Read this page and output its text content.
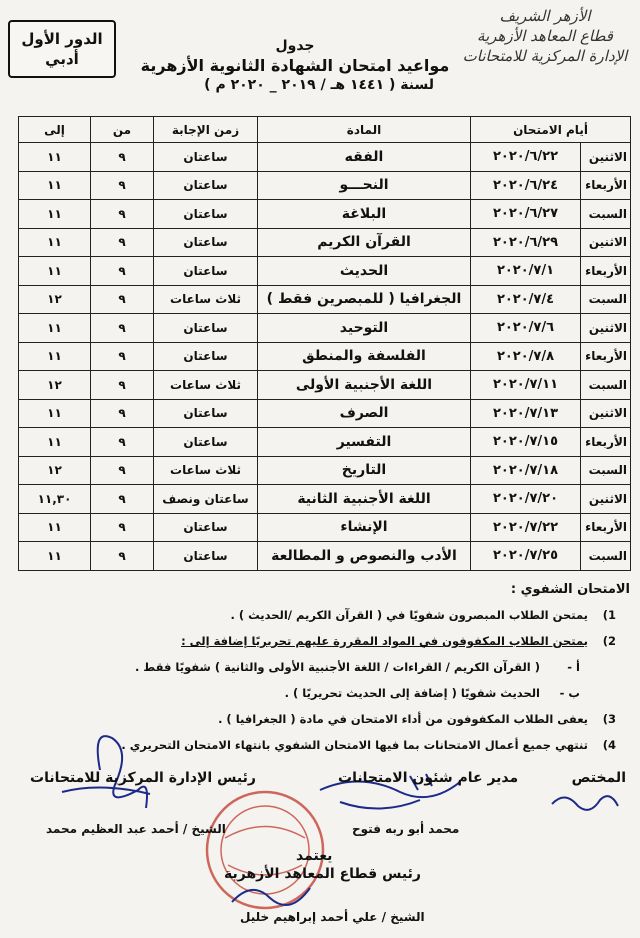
الدور الأول
أدبي
الأزهر الشريف
قطاع المعاهد الأزهرية
الإدارة المركزية للامتحانات
جدول
مواعيد امتحان الشهادة الثانوية الأزهرية
لسنة ( ١٤٤١ هـ / ٢٠١٩ _ ٢٠٢٠ م )
أيام الامتحان		المادة	زمن الإجابة	من	إلى
الاثنين	٢٠٢٠/٦/٢٢	الفقه	ساعتان	٩	١١
الأربعاء	٢٠٢٠/٦/٢٤	النحـــو	ساعتان	٩	١١
السبت	٢٠٢٠/٦/٢٧	البلاغة	ساعتان	٩	١١
الاثنين	٢٠٢٠/٦/٢٩	القرآن الكريم	ساعتان	٩	١١
الأربعاء	٢٠٢٠/٧/١	الحديث	ساعتان	٩	١١
السبت	٢٠٢٠/٧/٤	الجغرافيا ( للمبصرين فقط )	ثلاث ساعات	٩	١٢
الاثنين	٢٠٢٠/٧/٦	التوحيد	ساعتان	٩	١١
الأربعاء	٢٠٢٠/٧/٨	الفلسفة والمنطق	ساعتان	٩	١١
السبت	٢٠٢٠/٧/١١	اللغة الأجنبية الأولى	ثلاث ساعات	٩	١٢
الاثنين	٢٠٢٠/٧/١٣	الصرف	ساعتان	٩	١١
الأربعاء	٢٠٢٠/٧/١٥	التفسير	ساعتان	٩	١١
السبت	٢٠٢٠/٧/١٨	التاريخ	ثلاث ساعات	٩	١٢
الاثنين	٢٠٢٠/٧/٢٠	اللغة الأجنبية الثانية	ساعتان ونصف	٩	١١,٣٠
الأربعاء	٢٠٢٠/٧/٢٢	الإنشاء	ساعتان	٩	١١
السبت	٢٠٢٠/٧/٢٥	الأدب والنصوص و المطالعة	ساعتان	٩	١١
الامتحان الشفوي :
1)يمتحن الطلاب المبصرون شفويًا في ( القرآن الكريم /الحديث ) .
2)يمتحن الطلاب المكفوفون في المواد المقررة عليهم تحريريًا إضافة إلى :
أ -( القرآن الكريم / القراءات / اللغة الأجنبية الأولى والثانية ) شفويًا فقط .
ب -الحديث شفويًا ( إضافة إلى الحديث تحريريًا ) .
3)يعفى الطلاب المكفوفون من أداء الامتحان في مادة ( الجغرافيا ) .
4)تنتهي جميع أعمال الامتحانات بما فيها الامتحان الشفوي بانتهاء الامتحان التحريري .
المختص
مدير عام شئون الامتحانات
رئيس الإدارة المركزية للامتحانات
محمد أبو ربه فتوح
الشيخ / أحمد عبد العظيم محمد
يعتمد
رئيس قطاع المعاهد الأزهرية
الشيخ / علي أحمد إبراهيم خليل
